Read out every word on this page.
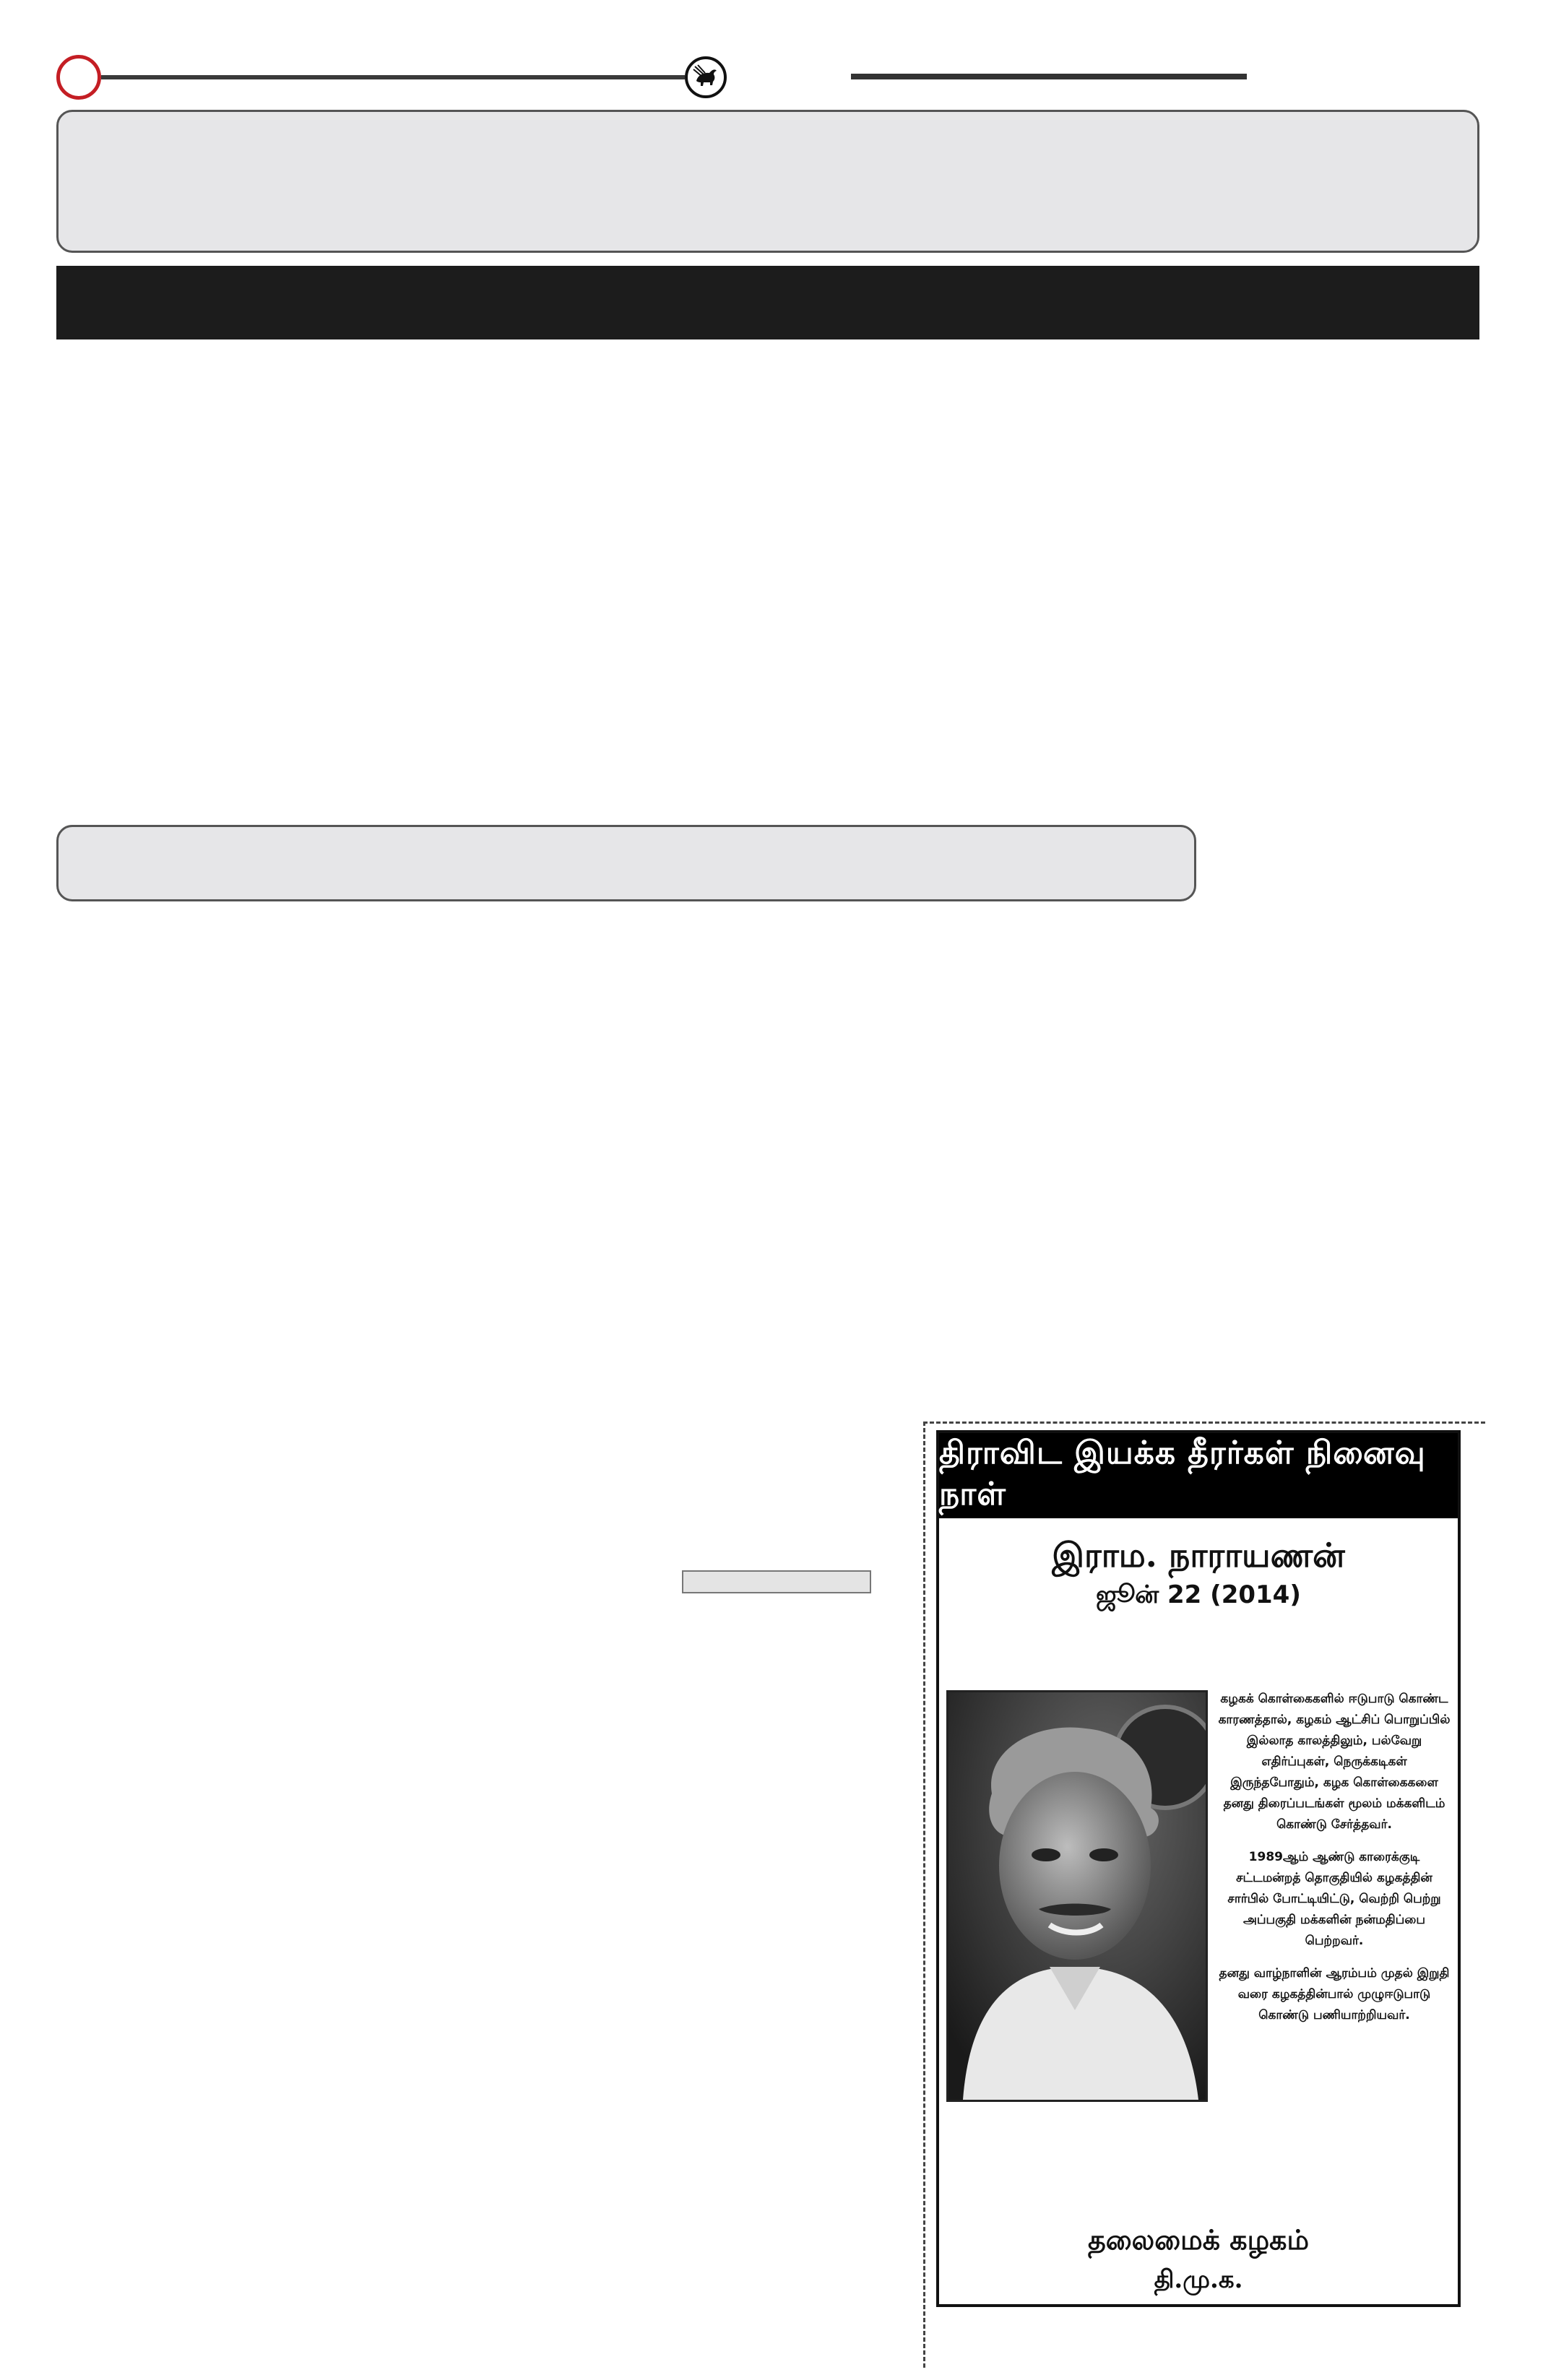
திராவிட இயக்க தீரர்கள் நினைவு நாள்
இராம. நாராயணன்
ஜூன் 22 (2014)

கழகக் கொள்கைகளில் ஈடுபாடு கொண்ட காரணத்தால், கழகம் ஆட்சிப் பொறுப்பில் இல்லாத காலத்திலும், பல்வேறு எதிர்ப்புகள், நெருக்கடிகள் இருந்தபோதும், கழக கொள்கைகளை தனது திரைப்படங்கள் மூலம் மக்களிடம் கொண்டு சேர்த்தவர்.

1989ஆம் ஆண்டு காரைக்குடி சட்டமன்றத் தொகுதியில் கழகத்தின் சார்பில் போட்டியிட்டு, வெற்றி பெற்று அப்பகுதி மக்களின் நன்மதிப்பை பெற்றவர்.

தனது வாழ்நாளின் ஆரம்பம் முதல் இறுதி வரை கழகத்தின்பால் முழுஈடுபாடு கொண்டு பணியாற்றியவர்.

தலைமைக் கழகம்
தி.மு.க.
